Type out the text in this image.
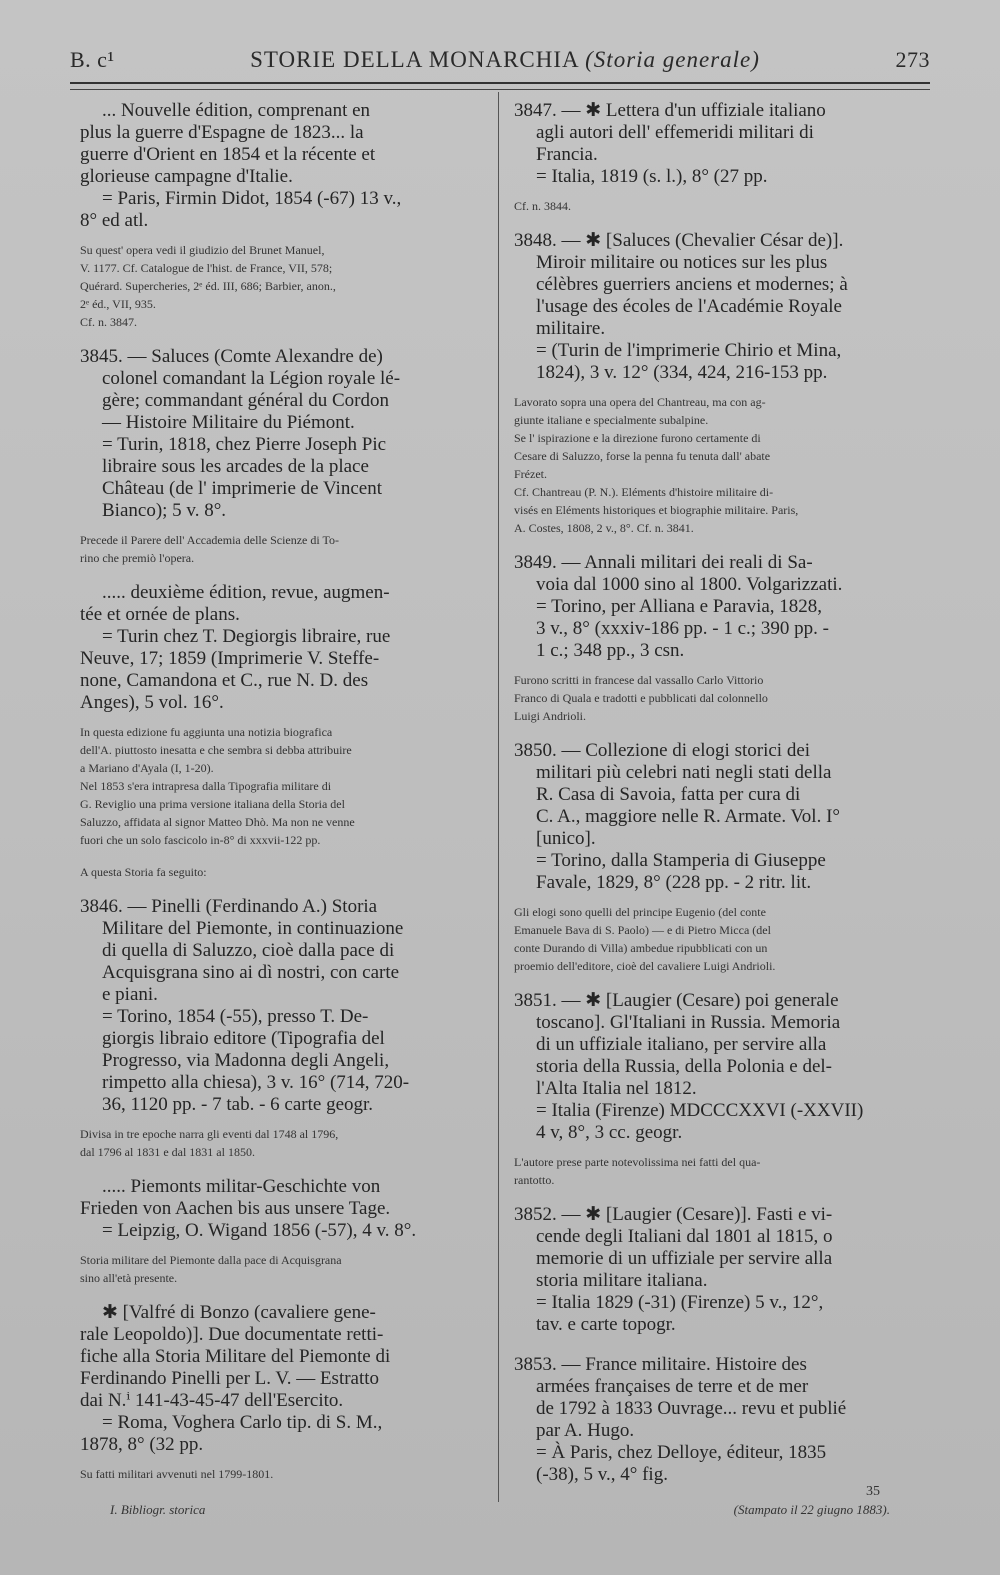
B. c¹	STORIE DELLA MONARCHIA (Storia generale)	273

... Nouvelle édition, comprenant en

plus la guerre d'Espagne de 1823... la

guerre d'Orient en 1854 et la récente et

glorieuse campagne d'Italie.

= Paris, Firmin Didot, 1854 (-67) 13 v.,

8° ed atl.

Su quest' opera vedi il giudizio del Brunet Manuel,

V. 1177. Cf. Catalogue de l'hist. de France, VII, 578;

Quérard. Supercheries, 2ᵉ éd. III, 686; Barbier, anon.,

2ᵉ éd., VII, 935.

Cf. n. 3847.

3845. — Saluces (Comte Alexandre de)

colonel comandant la Légion royale lé-

gère; commandant général du Cordon

— Histoire Militaire du Piémont.

= Turin, 1818, chez Pierre Joseph Pic

libraire sous les arcades de la place

Château (de l' imprimerie de Vincent

Bianco); 5 v. 8°.

Precede il Parere dell' Accademia delle Scienze di To-

rino che premiò l'opera.

..... deuxième édition, revue, augmen-

tée et ornée de plans.

= Turin chez T. Degiorgis libraire, rue

Neuve, 17; 1859 (Imprimerie V. Steffe-

none, Camandona et C., rue N. D. des

Anges), 5 vol. 16°.

In questa edizione fu aggiunta una notizia biografica

dell'A. piuttosto inesatta e che sembra si debba attribuire

a Mariano d'Ayala (I, 1-20).

Nel 1853 s'era intrapresa dalla Tipografia militare di

G. Reviglio una prima versione italiana della Storia del

Saluzzo, affidata al signor Matteo Dhò. Ma non ne venne

fuori che un solo fascicolo in-8° di xxxvii-122 pp.

A questa Storia fa seguito:

3846. — Pinelli (Ferdinando A.) Storia

Militare del Piemonte, in continuazione

di quella di Saluzzo, cioè dalla pace di

Acquisgrana sino ai dì nostri, con carte

e piani.

= Torino, 1854 (-55), presso T. De-

giorgis libraio editore (Tipografia del

Progresso, via Madonna degli Angeli,

rimpetto alla chiesa), 3 v. 16° (714, 720-

36, 1120 pp. - 7 tab. - 6 carte geogr.

Divisa in tre epoche narra gli eventi dal 1748 al 1796,

dal 1796 al 1831 e dal 1831 al 1850.

..... Piemonts militar-Geschichte von

Frieden von Aachen bis aus unsere Tage.

= Leipzig, O. Wigand 1856 (-57), 4 v. 8°.

Storia militare del Piemonte dalla pace di Acquisgrana

sino all'età presente.

✱ [Valfré di Bonzo (cavaliere gene-

rale Leopoldo)]. Due documentate retti-

fiche alla Storia Militare del Piemonte di

Ferdinando Pinelli per L. V. — Estratto

dai N.ⁱ 141-43-45-47 dell'Esercito.

= Roma, Voghera Carlo tip. di S. M.,

1878, 8° (32 pp.

Su fatti militari avvenuti nel 1799-1801.

3847. — ✱ Lettera d'un uffiziale italiano

agli autori dell' effemeridi militari di

Francia.

= Italia, 1819 (s. l.), 8° (27 pp.

Cf. n. 3844.

3848. — ✱ [Saluces (Chevalier César de)].

Miroir militaire ou notices sur les plus

célèbres guerriers anciens et modernes; à

l'usage des écoles de l'Académie Royale

militaire.

= (Turin de l'imprimerie Chirio et Mina,

1824), 3 v. 12° (334, 424, 216-153 pp.

Lavorato sopra una opera del Chantreau, ma con ag-

giunte italiane e specialmente subalpine.

Se l' ispirazione e la direzione furono certamente di

Cesare di Saluzzo, forse la penna fu tenuta dall' abate

Frézet.

Cf. Chantreau (P. N.). Eléments d'histoire militaire di-

visés en Eléments historiques et biographie militaire. Paris,

A. Costes, 1808, 2 v., 8°. Cf. n. 3841.

3849. — Annali militari dei reali di Sa-

voia dal 1000 sino al 1800. Volgarizzati.

= Torino, per Alliana e Paravia, 1828,

3 v., 8° (xxxiv-186 pp. - 1 c.; 390 pp. -

1 c.; 348 pp., 3 csn.

Furono scritti in francese dal vassallo Carlo Vittorio

Franco di Quala e tradotti e pubblicati dal colonnello

Luigi Andrioli.

3850. — Collezione di elogi storici dei

militari più celebri nati negli stati della

R. Casa di Savoia, fatta per cura di

C. A., maggiore nelle R. Armate. Vol. I°

[unico].

= Torino, dalla Stamperia di Giuseppe

Favale, 1829, 8° (228 pp. - 2 ritr. lit.

Gli elogi sono quelli del principe Eugenio (del conte

Emanuele Bava di S. Paolo) — e di Pietro Micca (del

conte Durando di Villa) ambedue ripubblicati con un

proemio dell'editore, cioè del cavaliere Luigi Andrioli.

3851. — ✱ [Laugier (Cesare) poi generale

toscano]. Gl'Italiani in Russia. Memoria

di un uffiziale italiano, per servire alla

storia della Russia, della Polonia e del-

l'Alta Italia nel 1812.

= Italia (Firenze) MDCCCXXVI (-XXVII)

4 v, 8°, 3 cc. geogr.

L'autore prese parte notevolissima nei fatti del qua-

rantotto.

3852. — ✱ [Laugier (Cesare)]. Fasti e vi-

cende degli Italiani dal 1801 al 1815, o

memorie di un uffiziale per servire alla

storia militare italiana.

= Italia 1829 (-31) (Firenze) 5 v., 12°,

tav. e carte topogr.

3853. — France militaire. Histoire des

armées françaises de terre et de mer

de 1792 à 1833 Ouvrage... revu et publié

par A. Hugo.

= À Paris, chez Delloye, éditeur, 1835

(-38), 5 v., 4° fig.

35
I. Bibliogr. storica	(Stampato il 22 giugno 1883).
